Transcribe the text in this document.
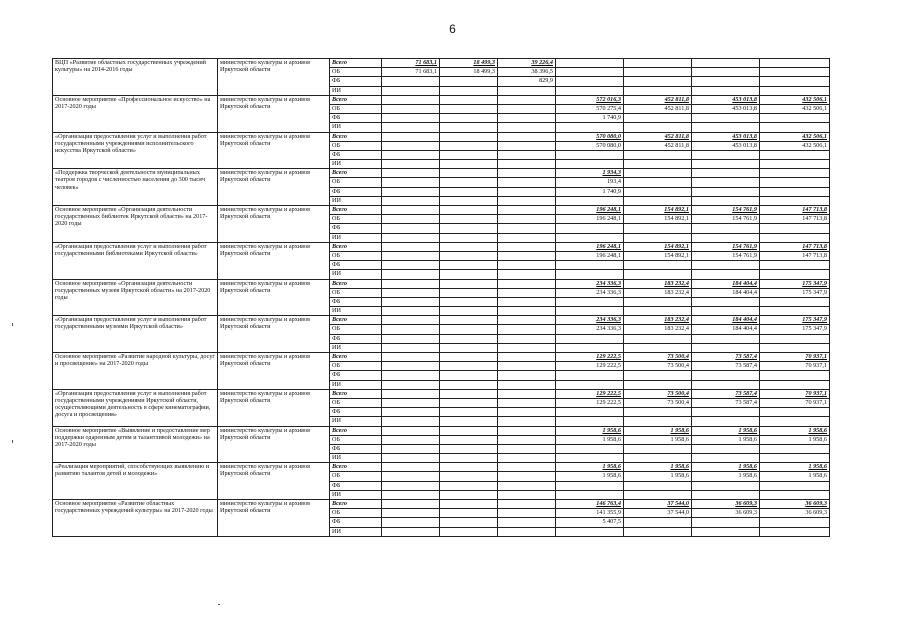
6
ВЦП «Развитие областных государственных учреждений культуры» на 2014-2016 годы	министерство культуры и архивов Иркутской области	Всего	71 683,1	18 499,3	39 226,4				
		ОБ	71 683,1	18 499,3	38 396,5				
		ФБ			829,9				
		ИИ							
Основное мероприятие «Профессиональное искусство» на 2017-2020 годы	министерство культуры и архивов Иркутской области	Всего				572 016,3	452 811,8	453 013,8	432 506,1
		ОБ				570 275,4	452 811,8	453 013,8	432 506,1
		ФБ				1 740,9			
		ИИ							
«Организация предоставления услуг и выполнения работ государственными учреждениями исполнительского искусства Иркутской области»	министерство культуры и архивов Иркутской области	Всего				570 080,0	452 811,8	453 013,8	432 506,1
		ОБ				570 080,0	452 811,8	453 013,8	432 506,1
		ФБ							
		ИИ							
«Поддержка творческой деятельности муниципальных театров городов с численностью населения до 300 тысяч человек»	министерство культуры и архивов Иркутской области	Всего				1 934,3			
		ОБ				193,4			
		ФБ				1 740,9			
		ИИ							
Основное мероприятие «Организация деятельности государственных библиотек Иркутской области» на 2017-2020 годы	министерство культуры и архивов Иркутской области	Всего				196 248,1	154 892,1	154 761,9	147 713,8
		ОБ				196 248,1	154 892,1	154 761,9	147 713,8
		ФБ							
		ИИ							
«Организация предоставления услуг и выполнения работ государственными библиотеками Иркутской области»	министерство культуры и архивов Иркутской области	Всего				196 248,1	154 892,1	154 761,9	147 713,8
		ОБ				196 248,1	154 892,1	154 761,9	147 713,8
		ФБ							
		ИИ							
Основное мероприятие «Организация деятельности государственных музеев Иркутской области» на 2017-2020 годы	министерство культуры и архивов Иркутской области	Всего				234 336,3	183 232,4	184 404,4	175 347,9
		ОБ				234 336,3	183 232,4	184 404,4	175 347,9
		ФБ							
		ИИ							
«Организация предоставления услуг и выполнения работ государственными музеями Иркутской области»	министерство культуры и архивов Иркутской области	Всего				234 336,3	183 232,4	184 404,4	175 347,9
		ОБ				234 336,3	183 232,4	184 404,4	175 347,9
		ФБ							
		ИИ							
Основное мероприятие «Развитие народной культуры, досуг и просвещение» на 2017-2020 годы	министерство культуры и архивов Иркутской области	Всего				129 222,5	73 500,4	73 587,4	70 937,1
		ОБ				129 222,5	73 500,4	73 587,4	70 937,1
		ФБ							
		ИИ							
«Организация предоставления услуг и выполнения работ государственными учреждениями Иркутской области, осуществляющими деятельность в сфере кинематографии, досуга и просвещения»	министерство культуры и архивов Иркутской области	Всего				129 222,5	73 500,4	73 587,4	70 937,1
		ОБ				129 222,5	73 500,4	73 587,4	70 937,1
		ФБ							
		ИИ							
Основное мероприятие «Выявление и предоставление мер поддержки одаренным детям и талантливой молодежи» на 2017-2020 годы	министерство культуры и архивов Иркутской области	Всего				1 958,6	1 958,6	1 958,6	1 958,6
		ОБ				1 958,6	1 958,6	1 958,6	1 958,6
		ФБ							
		ИИ							
«Реализация мероприятий, способствующих выявлению и развитию талантов детей и молодежи»	министерство культуры и архивов Иркутской области	Всего				1 958,6	1 958,6	1 958,6	1 958,6
		ОБ				1 958,6	1 958,6	1 958,6	1 958,6
		ФБ							
		ИИ							
Основное мероприятие «Развитие областных государственных учреждений культуры» на 2017-2020 годы	министерство культуры и архивов Иркутской области	Всего				146 763,4	37 544,0	36 609,3	36 609,3
		ОБ				141 355,9	37 544,0	36 609,3	36 609,3
		ФБ				5 407,5			
		ИИ							
